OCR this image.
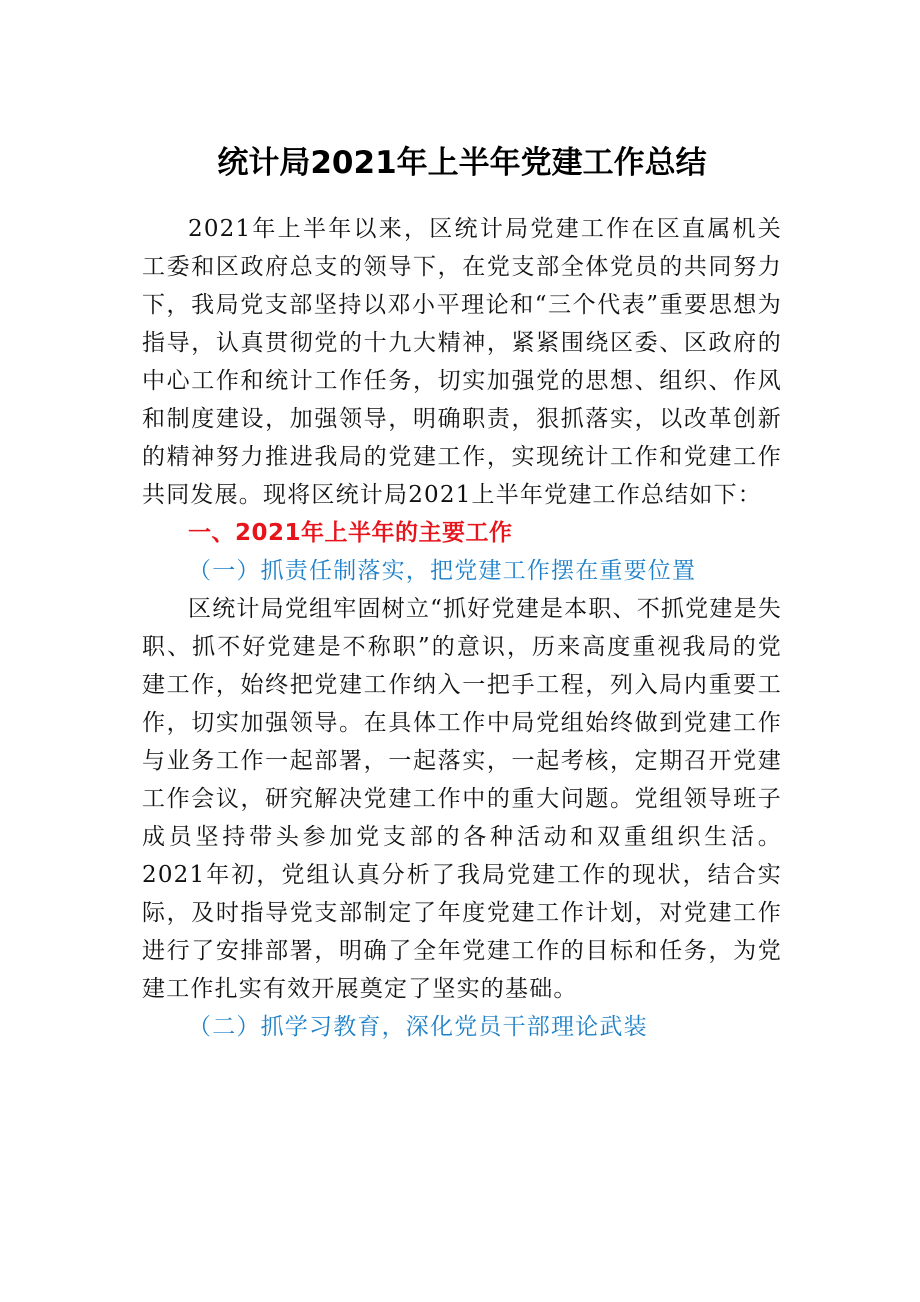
统计局2021年上半年党建工作总结

2021年上半年以来，区统计局党建工作在区直属机关工委和区政府总支的领导下，在党支部全体党员的共同努力下，我局党支部坚持以邓小平理论和“三个代表”重要思想为指导，认真贯彻党的十九大精神，紧紧围绕区委、区政府的中心工作和统计工作任务，切实加强党的思想、组织、作风和制度建设，加强领导，明确职责，狠抓落实，以改革创新的精神努力推进我局的党建工作，实现统计工作和党建工作共同发展。现将区统计局2021上半年党建工作总结如下：

一、2021年上半年的主要工作

（一）抓责任制落实，把党建工作摆在重要位置

区统计局党组牢固树立“抓好党建是本职、不抓党建是失职、抓不好党建是不称职”的意识，历来高度重视我局的党建工作，始终把党建工作纳入一把手工程，列入局内重要工作，切实加强领导。在具体工作中局党组始终做到党建工作与业务工作一起部署，一起落实，一起考核，定期召开党建工作会议，研究解决党建工作中的重大问题。党组领导班子成员坚持带头参加党支部的各种活动和双重组织生活。2021年初，党组认真分析了我局党建工作的现状，结合实际，及时指导党支部制定了年度党建工作计划，对党建工作进行了安排部署，明确了全年党建工作的目标和任务，为党建工作扎实有效开展奠定了坚实的基础。

（二）抓学习教育，深化党员干部理论武装
